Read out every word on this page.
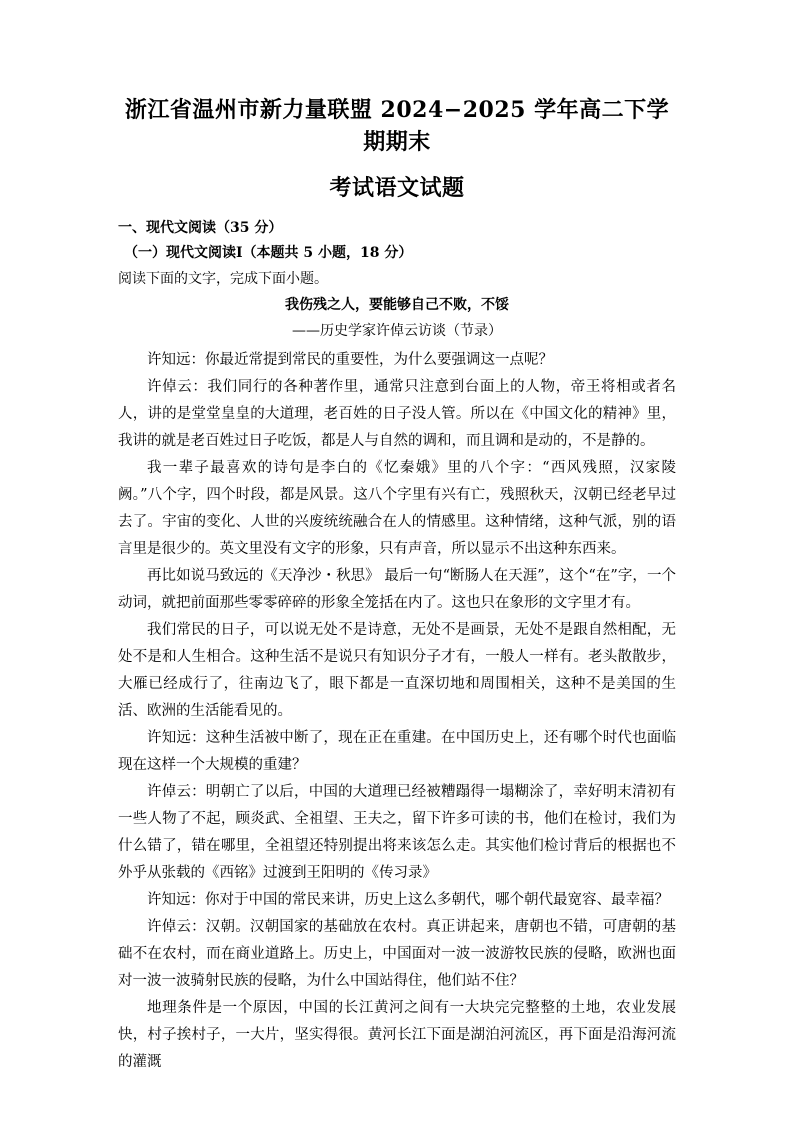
浙江省温州市新力量联盟 2024−2025 学年高二下学期期末
考试语文试题

一、现代文阅读（35 分）

（一）现代文阅读Ⅰ（本题共 5 小题，18 分）

阅读下面的文字，完成下面小题。

我伤残之人，要能够自己不败，不馁

——历史学家许倬云访谈（节录）

许知远：你最近常提到常民的重要性，为什么要强调这一点呢？

许倬云：我们同行的各种著作里，通常只注意到台面上的人物，帝王将相或者名人，讲的是堂堂皇皇的大道理，老百姓的日子没人管。所以在《中国文化的精神》里，我讲的就是老百姓过日子吃饭，都是人与自然的调和，而且调和是动的，不是静的。

我一辈子最喜欢的诗句是李白的《忆秦娥》里的八个字：“西风残照，汉家陵阙。”八个字，四个时段，都是风景。这八个字里有兴有亡，残照秋天，汉朝已经老早过去了。宇宙的变化、人世的兴废统统融合在人的情感里。这种情绪，这种气派，别的语言里是很少的。英文里没有文字的形象，只有声音，所以显示不出这种东西来。

再比如说马致远的《天净沙・秋思》 最后一句“断肠人在天涯”，这个“在”字，一个动词，就把前面那些零零碎碎的形象全笼括在内了。这也只在象形的文字里才有。

我们常民的日子，可以说无处不是诗意，无处不是画景，无处不是跟自然相配，无处不是和人生相合。这种生活不是说只有知识分子才有，一般人一样有。老头散散步，大雁已经成行了，往南边飞了，眼下都是一直深切地和周围相关，这种不是美国的生活、欧洲的生活能看见的。

许知远：这种生活被中断了，现在正在重建。在中国历史上，还有哪个时代也面临现在这样一个大规模的重建？

许倬云：明朝亡了以后，中国的大道理已经被糟蹋得一塌糊涂了，幸好明末清初有一些人物了不起，顾炎武、全祖望、王夫之，留下许多可读的书，他们在检讨，我们为什么错了，错在哪里，全祖望还特别提出将来该怎么走。其实他们检讨背后的根据也不外乎从张载的《西铭》过渡到王阳明的《传习录》

许知远：你对于中国的常民来讲，历史上这么多朝代，哪个朝代最宽容、最幸福？

许倬云：汉朝。汉朝国家的基础放在农村。真正讲起来，唐朝也不错，可唐朝的基础不在农村，而在商业道路上。历史上，中国面对一波一波游牧民族的侵略，欧洲也面对一波一波骑射民族的侵略，为什么中国站得住，他们站不住？

地理条件是一个原因，中国的长江黄河之间有一大块完完整整的土地，农业发展快，村子挨村子，一大片，坚实得很。黄河长江下面是湖泊河流区，再下面是沿海河流的灌溉
